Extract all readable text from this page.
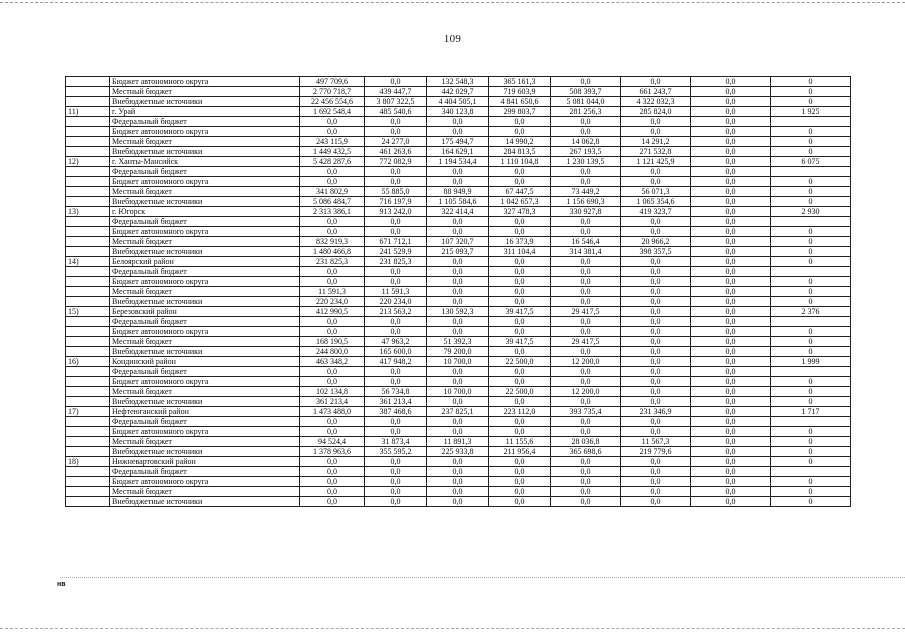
109
	Бюджет автономного округа	497 709,6	0,0	132 548,3	365 161,3	0,0	0,0	0,0	0
	Местный бюджет	2 770 718,7	439 447,7	442 029,7	719 603,9	508 393,7	661 243,7	0,0	0
	Внебюджетные источники	22 456 554,6	3 807 322,5	4 404 505,1	4 841 650,6	5 081 044,0	4 322 032,3	0,0	0
11)	г. Урай	1 692 548,4	485 540,6	340 123,8	299 803,7	281 256,3	285 824,0	0,0	1 925
	Федеральный бюджет	0,0	0,0	0,0	0,0	0,0	0,0	0,0	
	Бюджет автономного округа	0,0	0,0	0,0	0,0	0,0	0,0	0,0	0
	Местный бюджет	243 115,9	24 277,0	175 494,7	14 990,2	14 062,8	14 291,2	0,0	0
	Внебюджетные источники	1 449 432,5	461 263,6	164 629,1	284 813,5	267 193,5	271 532,8	0,0	0
12)	г. Ханты-Мансийск	5 428 287,6	772 082,9	1 194 534,4	1 110 104,8	1 230 139,5	1 121 425,9	0,0	6 075
	Федеральный бюджет	0,0	0,0	0,0	0,0	0,0	0,0	0,0	
	Бюджет автономного округа	0,0	0,0	0,0	0,0	0,0	0,0	0,0	0
	Местный бюджет	341 802,9	55 885,0	88 949,9	67 447,5	73 449,2	56 071,3	0,0	0
	Внебюджетные источники	5 086 484,7	716 197,9	1 105 584,6	1 042 657,3	1 156 690,3	1 065 354,6	0,0	0
13)	г. Югорск	2 313 386,1	913 242,0	322 414,4	327 478,3	330 927,8	419 323,7	0,0	2 930
	Федеральный бюджет	0,0	0,0	0,0	0,0	0,0	0,0	0,0	
	Бюджет автономного округа	0,0	0,0	0,0	0,0	0,0	0,0	0,0	0
	Местный бюджет	832 919,3	671 712,1	107 320,7	16 373,9	16 546,4	20 966,2	0,0	0
	Внебюджетные источники	1 480 466,8	241 529,9	215 093,7	311 104,4	314 381,4	398 357,5	0,0	0
14)	Белоярский район	231 825,3	231 825,3	0,0	0,0	0,0	0,0	0,0	0
	Федеральный бюджет	0,0	0,0	0,0	0,0	0,0	0,0	0,0	
	Бюджет автономного округа	0,0	0,0	0,0	0,0	0,0	0,0	0,0	0
	Местный бюджет	11 591,3	11 591,3	0,0	0,0	0,0	0,0	0,0	0
	Внебюджетные источники	220 234,0	220 234,0	0,0	0,0	0,0	0,0	0,0	0
15)	Березовский район	412 990,5	213 563,2	130 592,3	39 417,5	29 417,5	0,0	0,0	2 376
	Федеральный бюджет	0,0	0,0	0,0	0,0	0,0	0,0	0,0	
	Бюджет автономного округа	0,0	0,0	0,0	0,0	0,0	0,0	0,0	0
	Местный бюджет	168 190,5	47 963,2	51 392,3	39 417,5	29 417,5	0,0	0,0	0
	Внебюджетные источники	244 800,0	165 600,0	79 200,0	0,0	0,0	0,0	0,0	0
16)	Кондинский район	463 348,2	417 948,2	10 700,0	22 500,0	12 200,0	0,0	0,0	1 999
	Федеральный бюджет	0,0	0,0	0,0	0,0	0,0	0,0	0,0	
	Бюджет автономного округа	0,0	0,0	0,0	0,0	0,0	0,0	0,0	0
	Местный бюджет	102 134,8	56 734,8	10 700,0	22 500,0	12 200,0	0,0	0,0	0
	Внебюджетные источники	361 213,4	361 213,4	0,0	0,0	0,0	0,0	0,0	0
17)	Нефтеюганский район	1 473 488,0	387 468,6	237 825,1	223 112,0	393 735,4	231 346,9	0,0	1 717
	Федеральный бюджет	0,0	0,0	0,0	0,0	0,0	0,0	0,0	
	Бюджет автономного округа	0,0	0,0	0,0	0,0	0,0	0,0	0,0	0
	Местный бюджет	94 524,4	31 873,4	11 891,3	11 155,6	28 036,8	11 567,3	0,0	0
	Внебюджетные источники	1 378 963,6	355 595,2	225 933,8	211 956,4	365 698,6	219 779,6	0,0	0
18)	Нижневартовский район	0,0	0,0	0,0	0,0	0,0	0,0	0,0	0
	Федеральный бюджет	0,0	0,0	0,0	0,0	0,0	0,0	0,0	
	Бюджет автономного округа	0,0	0,0	0,0	0,0	0,0	0,0	0,0	0
	Местный бюджет	0,0	0,0	0,0	0,0	0,0	0,0	0,0	0
	Внебюджетные источники	0,0	0,0	0,0	0,0	0,0	0,0	0,0	0
нв
